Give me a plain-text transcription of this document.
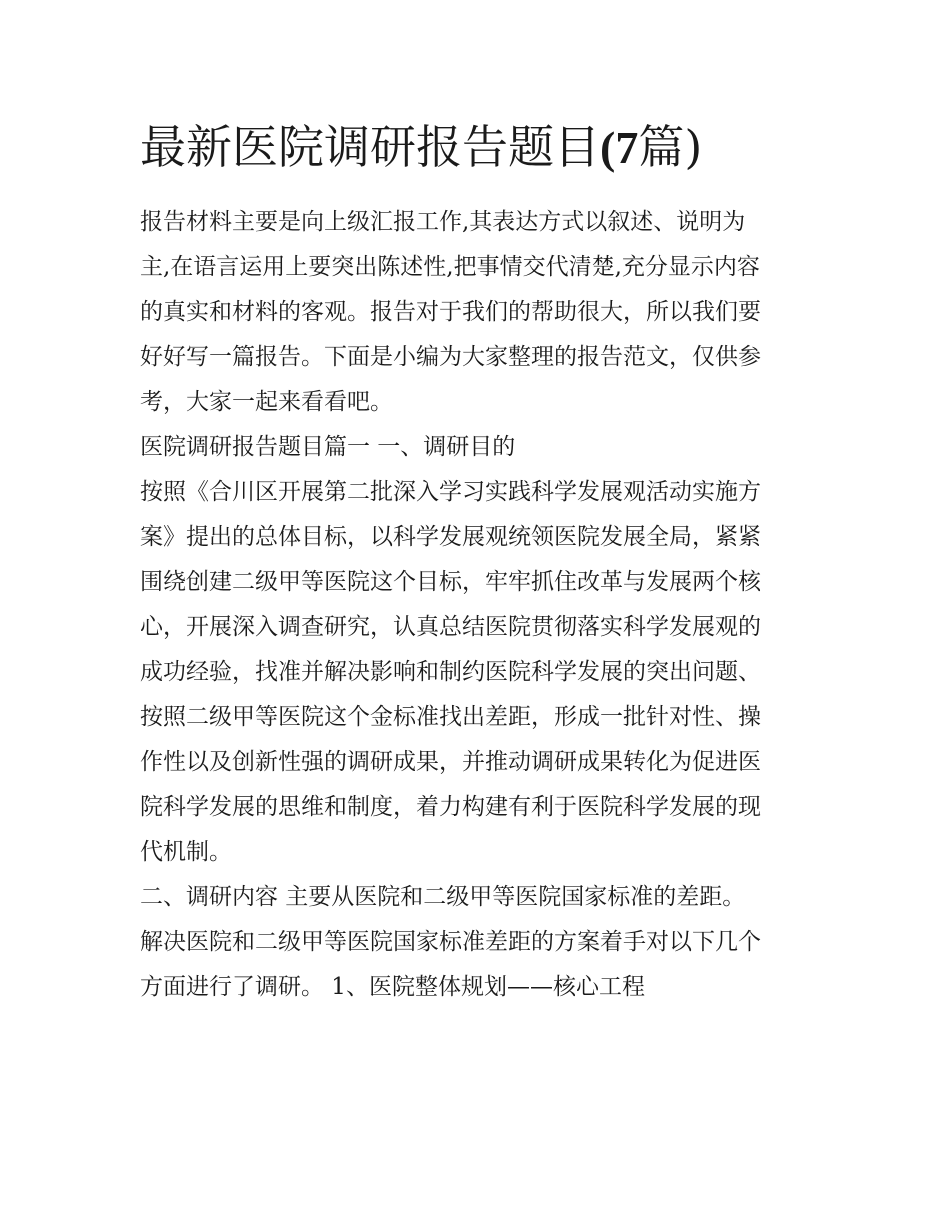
最新医院调研报告题目(7篇)
报告材料主要是向上级汇报工作,其表达方式以叙述、说明为
主,在语言运用上要突出陈述性,把事情交代清楚,充分显示内容
的真实和材料的客观。报告对于我们的帮助很大，所以我们要
好好写一篇报告。下面是小编为大家整理的报告范文，仅供参
考，大家一起来看看吧。
医院调研报告题目篇一 一、调研目的
按照《合川区开展第二批深入学习实践科学发展观活动实施方
案》提出的总体目标，以科学发展观统领医院发展全局，紧紧
围绕创建二级甲等医院这个目标，牢牢抓住改革与发展两个核
心，开展深入调查研究，认真总结医院贯彻落实科学发展观的
成功经验，找准并解决影响和制约医院科学发展的突出问题、
按照二级甲等医院这个金标准找出差距，形成一批针对性、操
作性以及创新性强的调研成果，并推动调研成果转化为促进医
院科学发展的思维和制度，着力构建有利于医院科学发展的现
代机制。
二、调研内容 主要从医院和二级甲等医院国家标准的差距。
解决医院和二级甲等医院国家标准差距的方案着手对以下几个
方面进行了调研。 1、医院整体规划——核心工程
